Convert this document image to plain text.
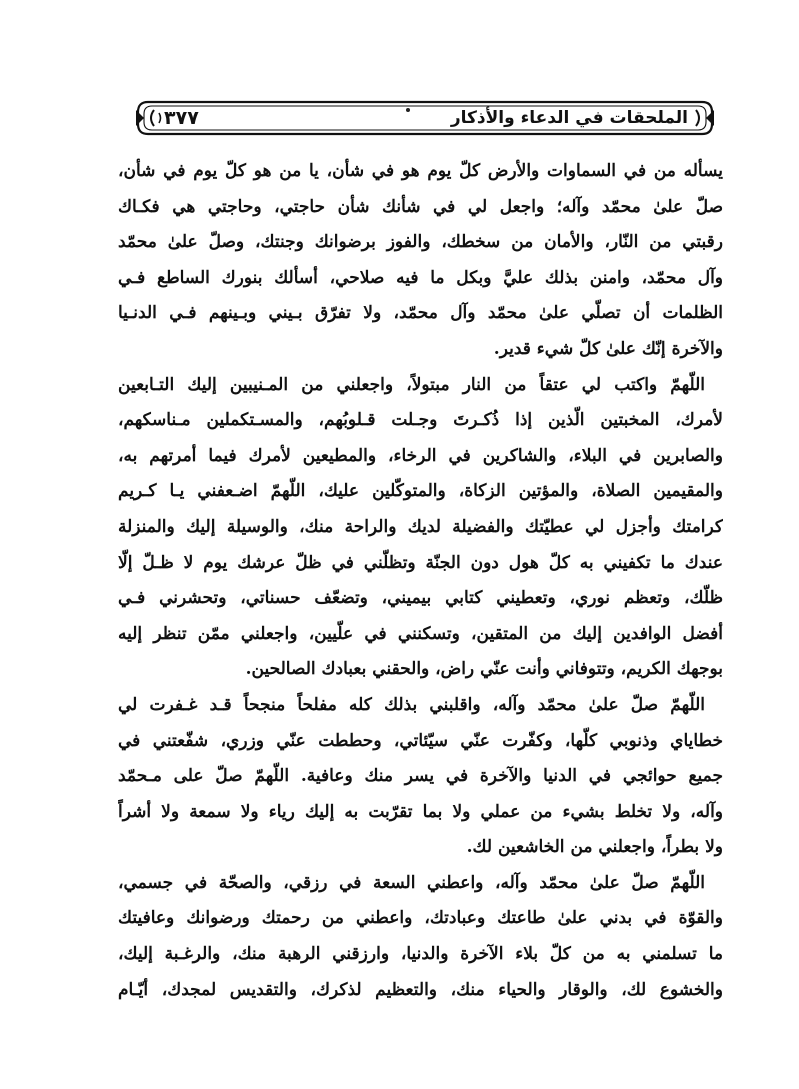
الملحقات في الدعاء والأذكار
٣٧٧
يسأله من في السماوات والأرض كلّ يوم هو في شأن، يا من هو كلّ يوم في شأن،
صلّ علىٰ محمّد وآله؛ واجعل لي في شأنك شأن حاجتي، وحاجتي هي فكـاك
رقبتي من النّار، والأمان من سخطك، والفوز برضوانك وجنتك، وصلّ علىٰ محمّد
وآل محمّد، وامنن بذلك عليَّ وبكل ما فيه صلاحي، أسألك بنورك الساطع فـي
الظلمات أن تصلّي علىٰ محمّد وآل محمّد، ولا تفرّق بـيني وبـينهم فـي الدنـيا
والآخرة إنّك علىٰ كلّ شيء قدير.
اللّهمّ واكتب لي عتقاً من النار مبتولاً، واجعلني من المـنيبين إليك التـابعين
لأمرك، المخبتين الّذين إذا ذُكـرتَ وجـلت قـلوبُهم، والمسـتكملين مـناسكهم،
والصابرين في البلاء، والشاكرين في الرخاء، والمطيعين لأمرك فيما أمرتهم به،
والمقيمين الصلاة، والمؤتين الزكاة، والمتوكّلين عليك، اللّهمّ اضـعفني يـا كـريم
كرامتك وأجزل لي عطيّتك والفضيلة لديك والراحة منك، والوسيلة إليك والمنزلة
عندك ما تكفيني به كلّ هول دون الجنّة وتظلّني في ظلّ عرشك يوم لا ظـلّ إلّا
ظلّك، وتعظم نوري، وتعطيني كتابي بيميني، وتضعّف حسناتي، وتحشرني فـي
أفضل الوافدين إليك من المتقين، وتسكنني في علّيين، واجعلني ممّن تنظر إليه
بوجهك الكريم، وتتوفاني وأنت عنّي راض، والحقني بعبادك الصالحين.
اللّهمّ صلّ علىٰ محمّد وآله، واقلبني بذلك كله مفلحاً منجحاً قـد غـفرت لي
خطاياي وذنوبي كلّها، وكفّرت عنّي سيّئاتي، وحططت عنّي وزري، شفّعتني في
جميع حوائجي في الدنيا والآخرة في يسر منك وعافية. اللّهمّ صلّ على مـحمّد
وآله، ولا تخلط بشيء من عملي ولا بما تقرّبت به إليك رياء ولا سمعة ولا أشراً
ولا بطراً، واجعلني من الخاشعين لك.
اللّهمّ صلّ علىٰ محمّد وآله، واعطني السعة في رزقي، والصحّة في جسمي،
والقوّة في بدني علىٰ طاعتك وعبادتك، واعطني من رحمتك ورضوانك وعافيتك
ما تسلمني به من كلّ بلاء الآخرة والدنيا، وارزقني الرهبة منك، والرغـبة إليك،
والخشوع لك، والوقار والحياء منك، والتعظيم لذكرك، والتقديس لمجدك، أيّـام
